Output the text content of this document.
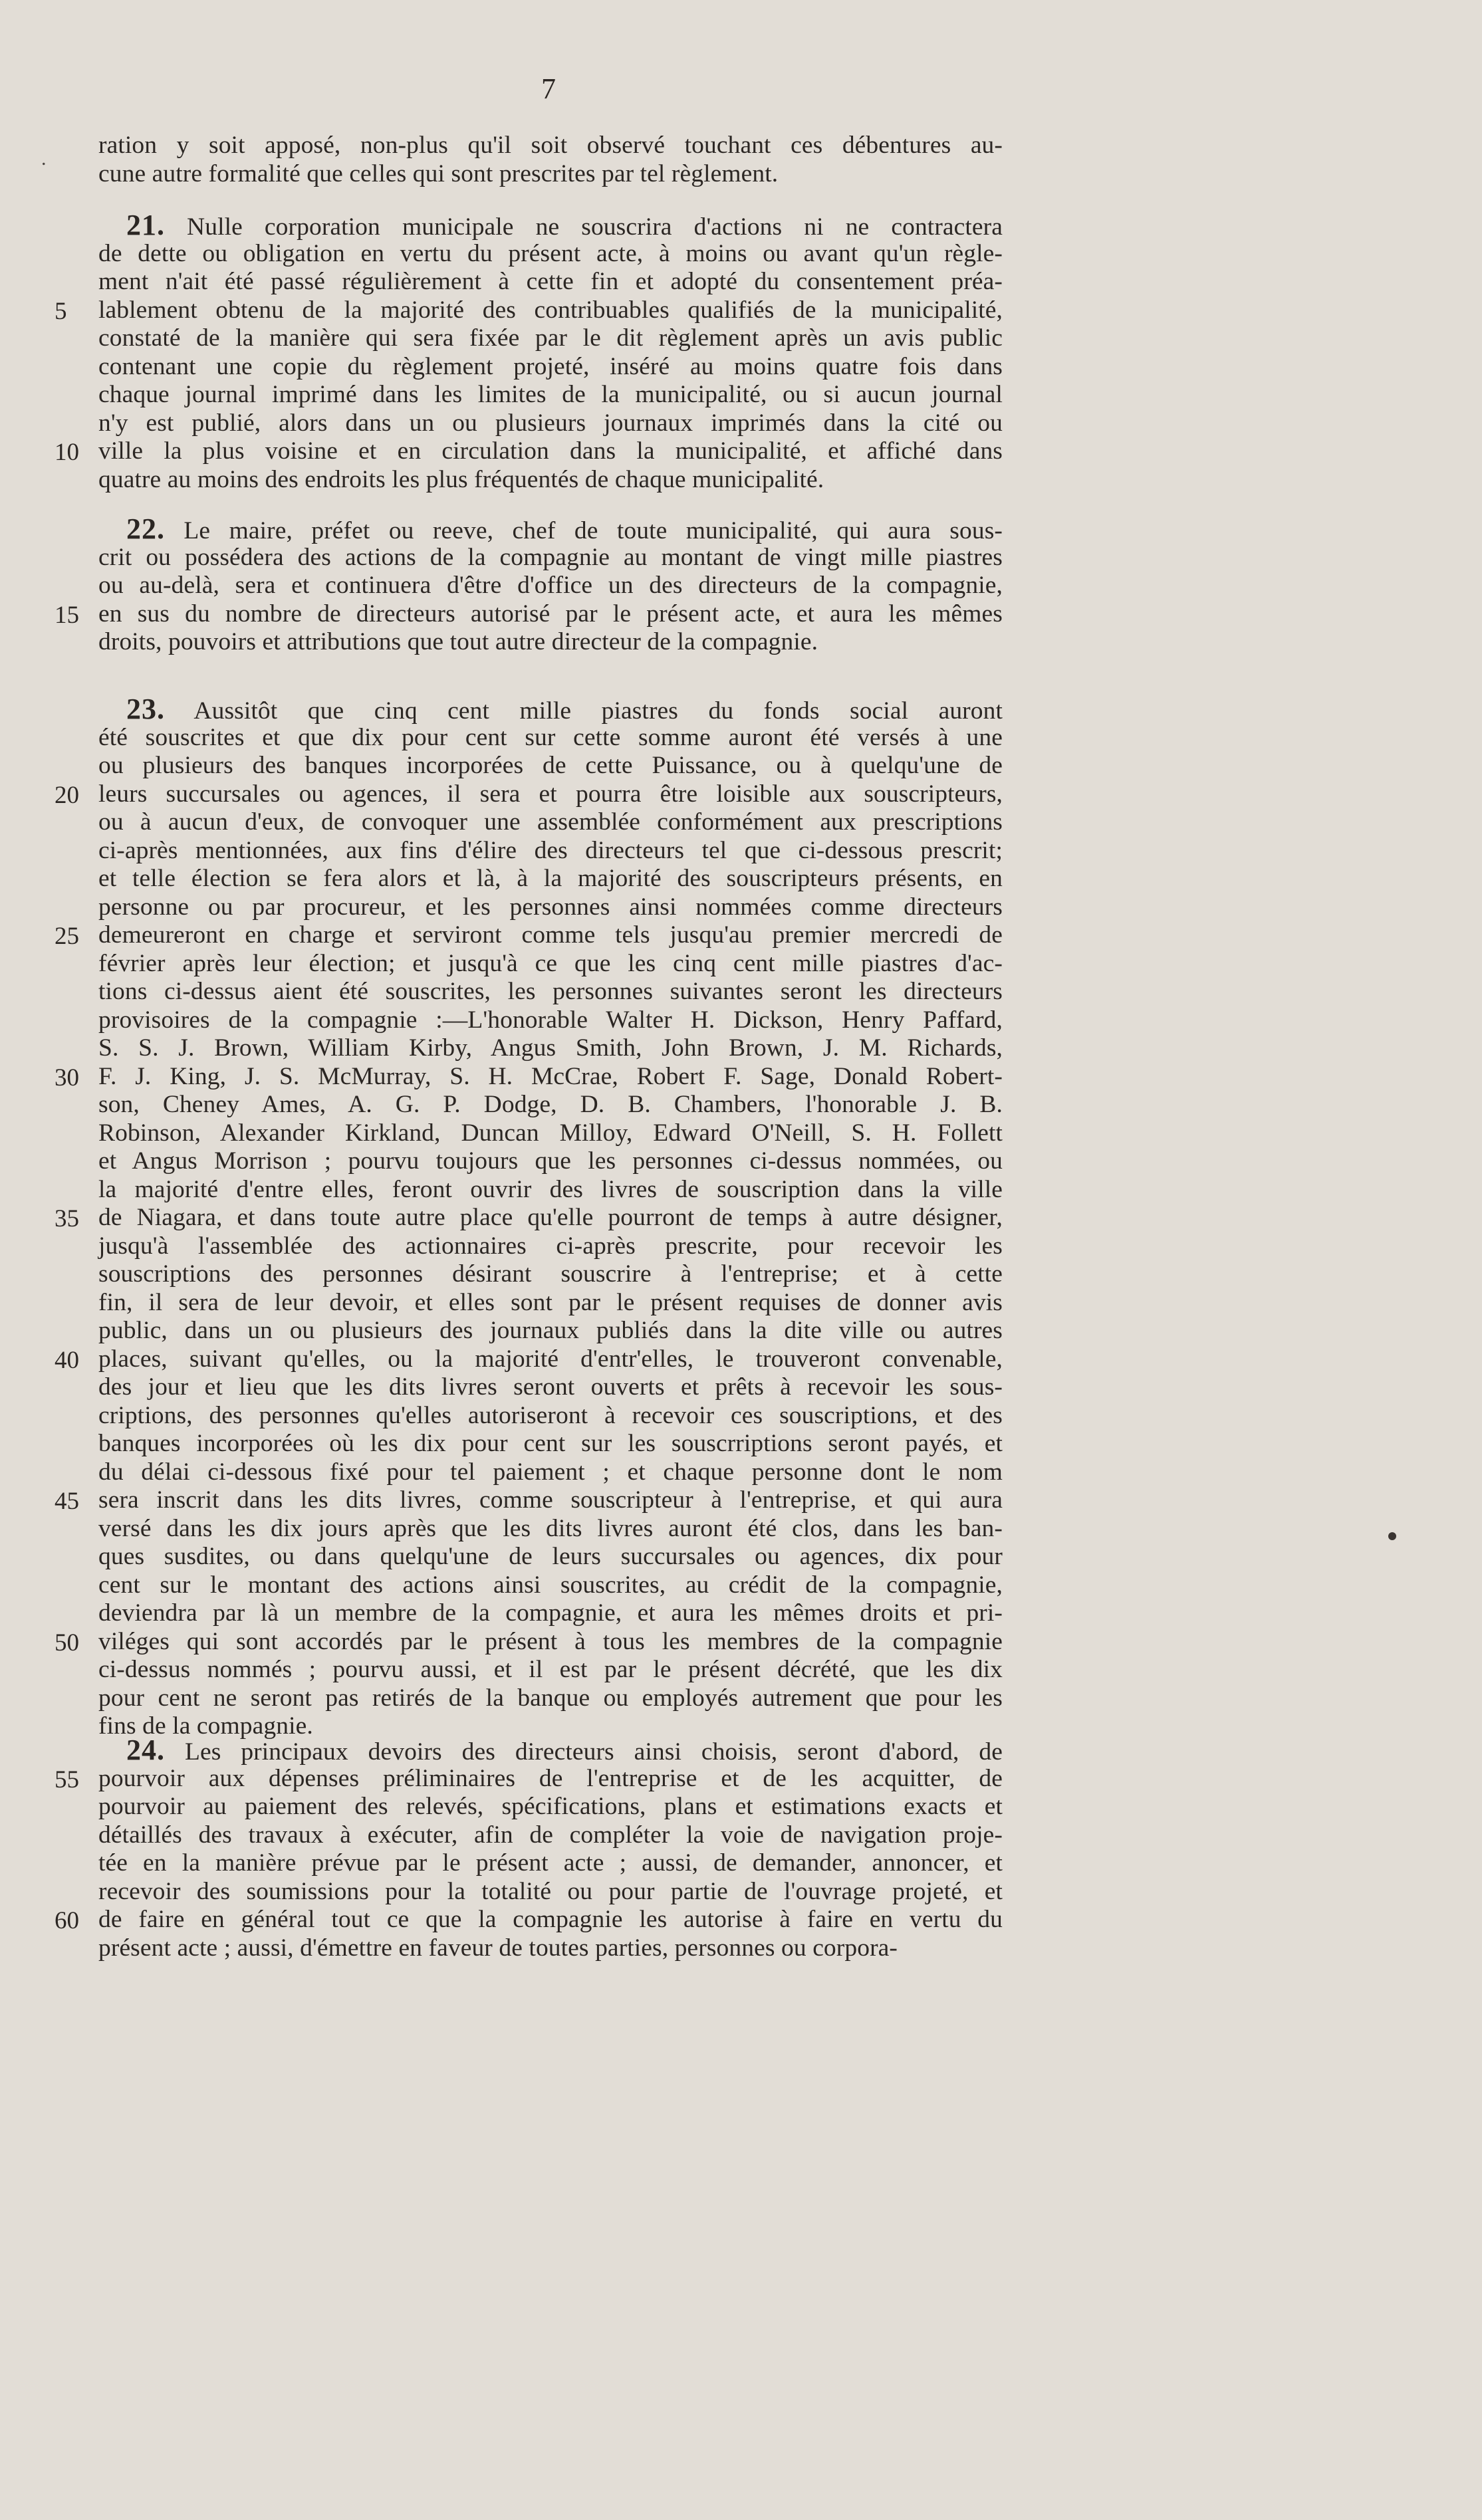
7
ration y soit apposé, non-plus qu'il soit observé touchant ces débentures au-
cune autre formalité que celles qui sont prescrites par tel règlement.
21. Nulle corporation municipale ne souscrira d'actions ni ne contractera
de dette ou obligation en vertu du présent acte, à moins ou avant qu'un règle-
ment n'ait été passé régulièrement à cette fin et adopté du consentement préa-
lablement obtenu de la majorité des contribuables qualifiés de la municipalité,
constaté de la manière qui sera fixée par le dit règlement après un avis public
contenant une copie du règlement projeté, inséré au moins quatre fois dans
chaque journal imprimé dans les limites de la municipalité, ou si aucun journal
n'y est publié, alors dans un ou plusieurs journaux imprimés dans la cité ou
ville la plus voisine et en circulation dans la municipalité, et affiché dans
quatre au moins des endroits les plus fréquentés de chaque municipalité.
22. Le maire, préfet ou reeve, chef de toute municipalité, qui aura sous-
crit ou possédera des actions de la compagnie au montant de vingt mille piastres
ou au-delà, sera et continuera d'être d'office un des directeurs de la compagnie,
en sus du nombre de directeurs autorisé par le présent acte, et aura les mêmes
droits, pouvoirs et attributions que tout autre directeur de la compagnie.
23. Aussitôt que cinq cent mille piastres du fonds social auront
été souscrites et que dix pour cent sur cette somme auront été versés à une
ou plusieurs des banques incorporées de cette Puissance, ou à quelqu'une de
leurs succursales ou agences, il sera et pourra être loisible aux souscripteurs,
ou à aucun d'eux, de convoquer une assemblée conformément aux prescriptions
ci-après mentionnées, aux fins d'élire des directeurs tel que ci-dessous prescrit;
et telle élection se fera alors et là, à la majorité des souscripteurs présents, en
personne ou par procureur, et les personnes ainsi nommées comme directeurs
demeureront en charge et serviront comme tels jusqu'au premier mercredi de
février après leur élection; et jusqu'à ce que les cinq cent mille piastres d'ac-
tions ci-dessus aient été souscrites, les personnes suivantes seront les directeurs
provisoires de la compagnie :—L'honorable Walter H. Dickson, Henry Paffard,
S. S. J. Brown, William Kirby, Angus Smith, John Brown, J. M. Richards,
F. J. King, J. S. McMurray, S. H. McCrae, Robert F. Sage, Donald Robert-
son, Cheney Ames, A. G. P. Dodge, D. B. Chambers, l'honorable J. B.
Robinson, Alexander Kirkland, Duncan Milloy, Edward O'Neill, S. H. Follett
et Angus Morrison ; pourvu toujours que les personnes ci-dessus nommées, ou
la majorité d'entre elles, feront ouvrir des livres de souscription dans la ville
de Niagara, et dans toute autre place qu'elle pourront de temps à autre désigner,
jusqu'à l'assemblée des actionnaires ci-après prescrite, pour recevoir les
souscriptions des personnes désirant souscrire à l'entreprise; et à cette
fin, il sera de leur devoir, et elles sont par le présent requises de donner avis
public, dans un ou plusieurs des journaux publiés dans la dite ville ou autres
places, suivant qu'elles, ou la majorité d'entr'elles, le trouveront convenable,
des jour et lieu que les dits livres seront ouverts et prêts à recevoir les sous-
criptions, des personnes qu'elles autoriseront à recevoir ces souscriptions, et des
banques incorporées où les dix pour cent sur les souscrriptions seront payés, et
du délai ci-dessous fixé pour tel paiement ; et chaque personne dont le nom
sera inscrit dans les dits livres, comme souscripteur à l'entreprise, et qui aura
versé dans les dix jours après que les dits livres auront été clos, dans les ban-
ques susdites, ou dans quelqu'une de leurs succursales ou agences, dix pour
cent sur le montant des actions ainsi souscrites, au crédit de la compagnie,
deviendra par là un membre de la compagnie, et aura les mêmes droits et pri-
viléges qui sont accordés par le présent à tous les membres de la compagnie
ci-dessus nommés ; pourvu aussi, et il est par le présent décrété, que les dix
pour cent ne seront pas retirés de la banque ou employés autrement que pour les
fins de la compagnie.
24. Les principaux devoirs des directeurs ainsi choisis, seront d'abord, de
pourvoir aux dépenses préliminaires de l'entreprise et de les acquitter, de
pourvoir au paiement des relevés, spécifications, plans et estimations exacts et
détaillés des travaux à exécuter, afin de compléter la voie de navigation proje-
tée en la manière prévue par le présent acte ; aussi, de demander, annoncer, et
recevoir des soumissions pour la totalité ou pour partie de l'ouvrage projeté, et
de faire en général tout ce que la compagnie les autorise à faire en vertu du
présent acte ; aussi, d'émettre en faveur de toutes parties, personnes ou corpora-
5
10
15
20
25
30
35
40
45
50
55
60
.
